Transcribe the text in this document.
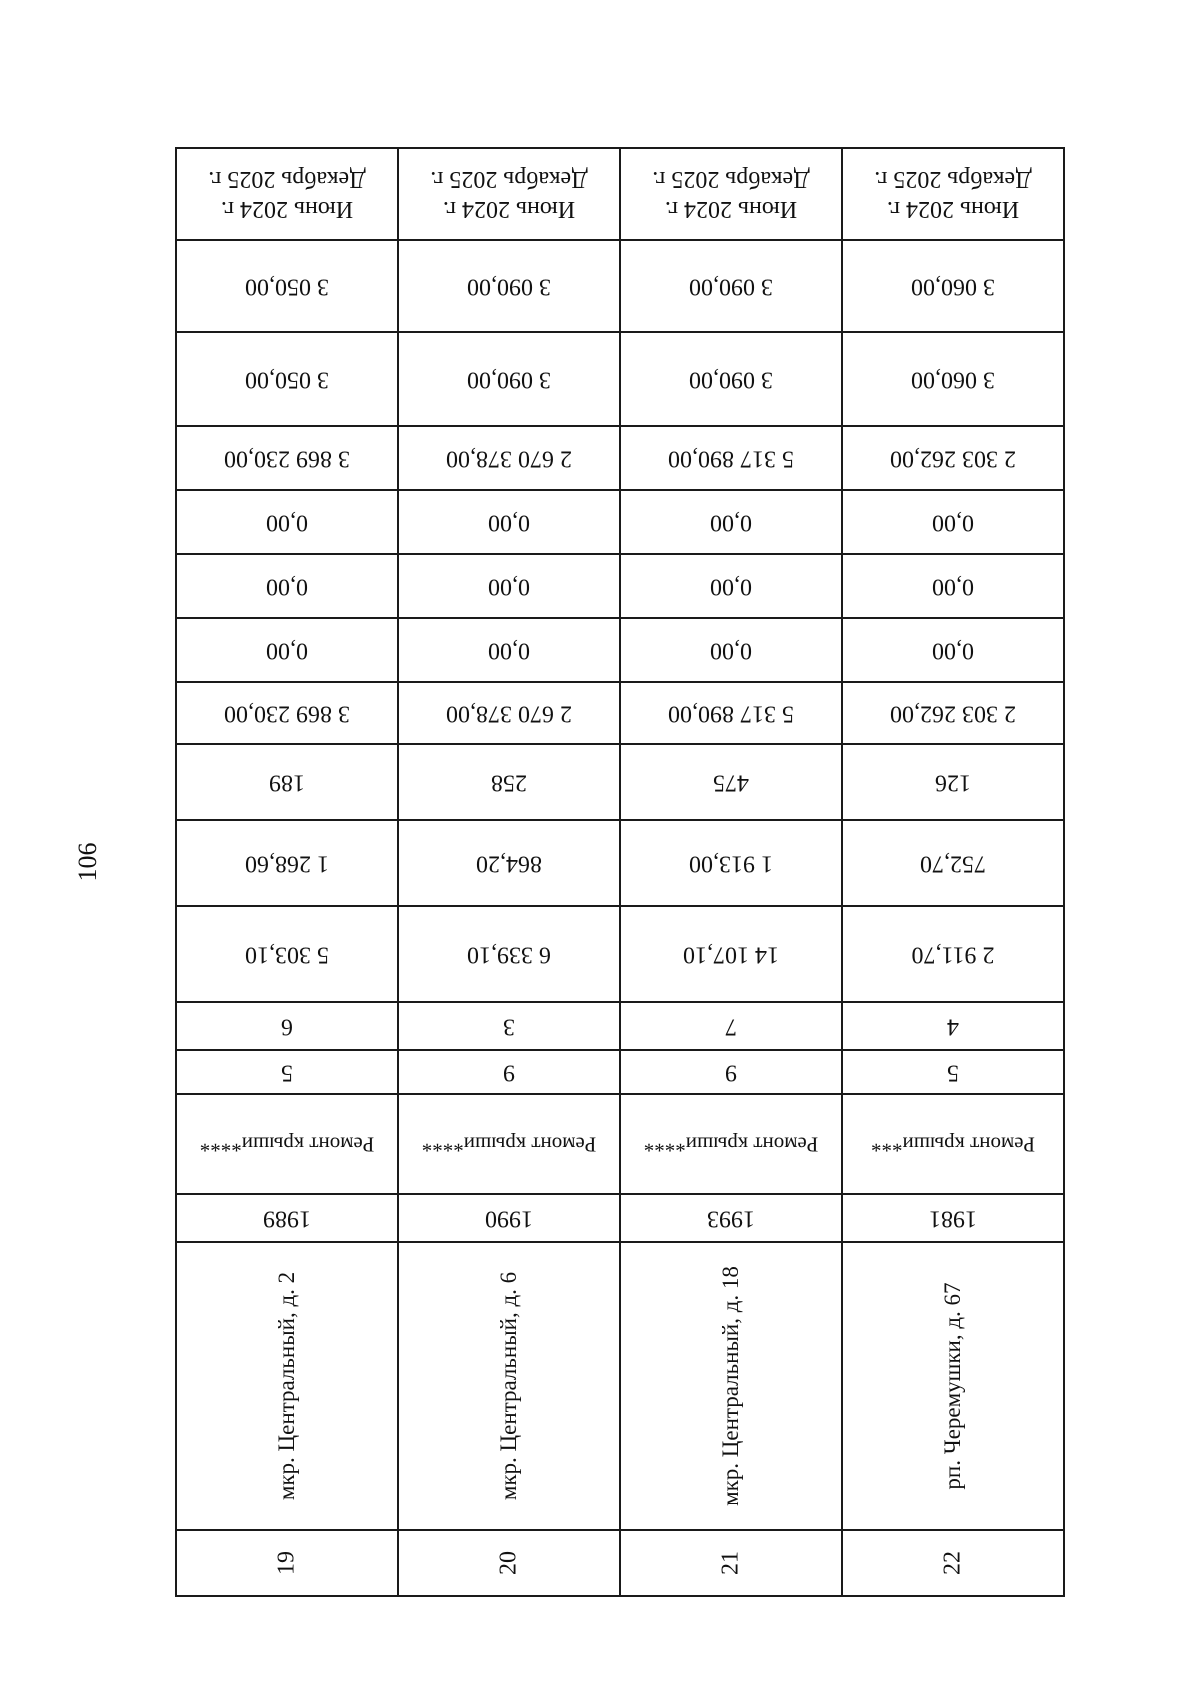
106
Июнь 2024 г.
Декабрь 2025 г.
3 050,00
3 050,00
3 869 230,00
0,00
0,00
0,00
3 869 230,00
189
1 268,60
5 303,10
6
5
Ремонт крыши****
1989
мкр. Центральный, д. 2
19
Июнь 2024 г.
Декабрь 2025 г.
3 090,00
3 090,00
2 670 378,00
0,00
0,00
0,00
2 670 378,00
258
864,20
6 339,10
3
9
Ремонт крыши****
1990
мкр. Центральный, д. 6
20
Июнь 2024 г.
Декабрь 2025 г.
3 090,00
3 090,00
5 317 890,00
0,00
0,00
0,00
5 317 890,00
475
1 913,00
14 107,10
7
9
Ремонт крыши****
1993
мкр. Центральный, д. 18
21
Июнь 2024 г.
Декабрь 2025 г.
3 060,00
3 060,00
2 303 262,00
0,00
0,00
0,00
2 303 262,00
126
752,70
2 911,70
4
5
Ремонт крыши***
1981
рп. Черемушки, д. 67
22
